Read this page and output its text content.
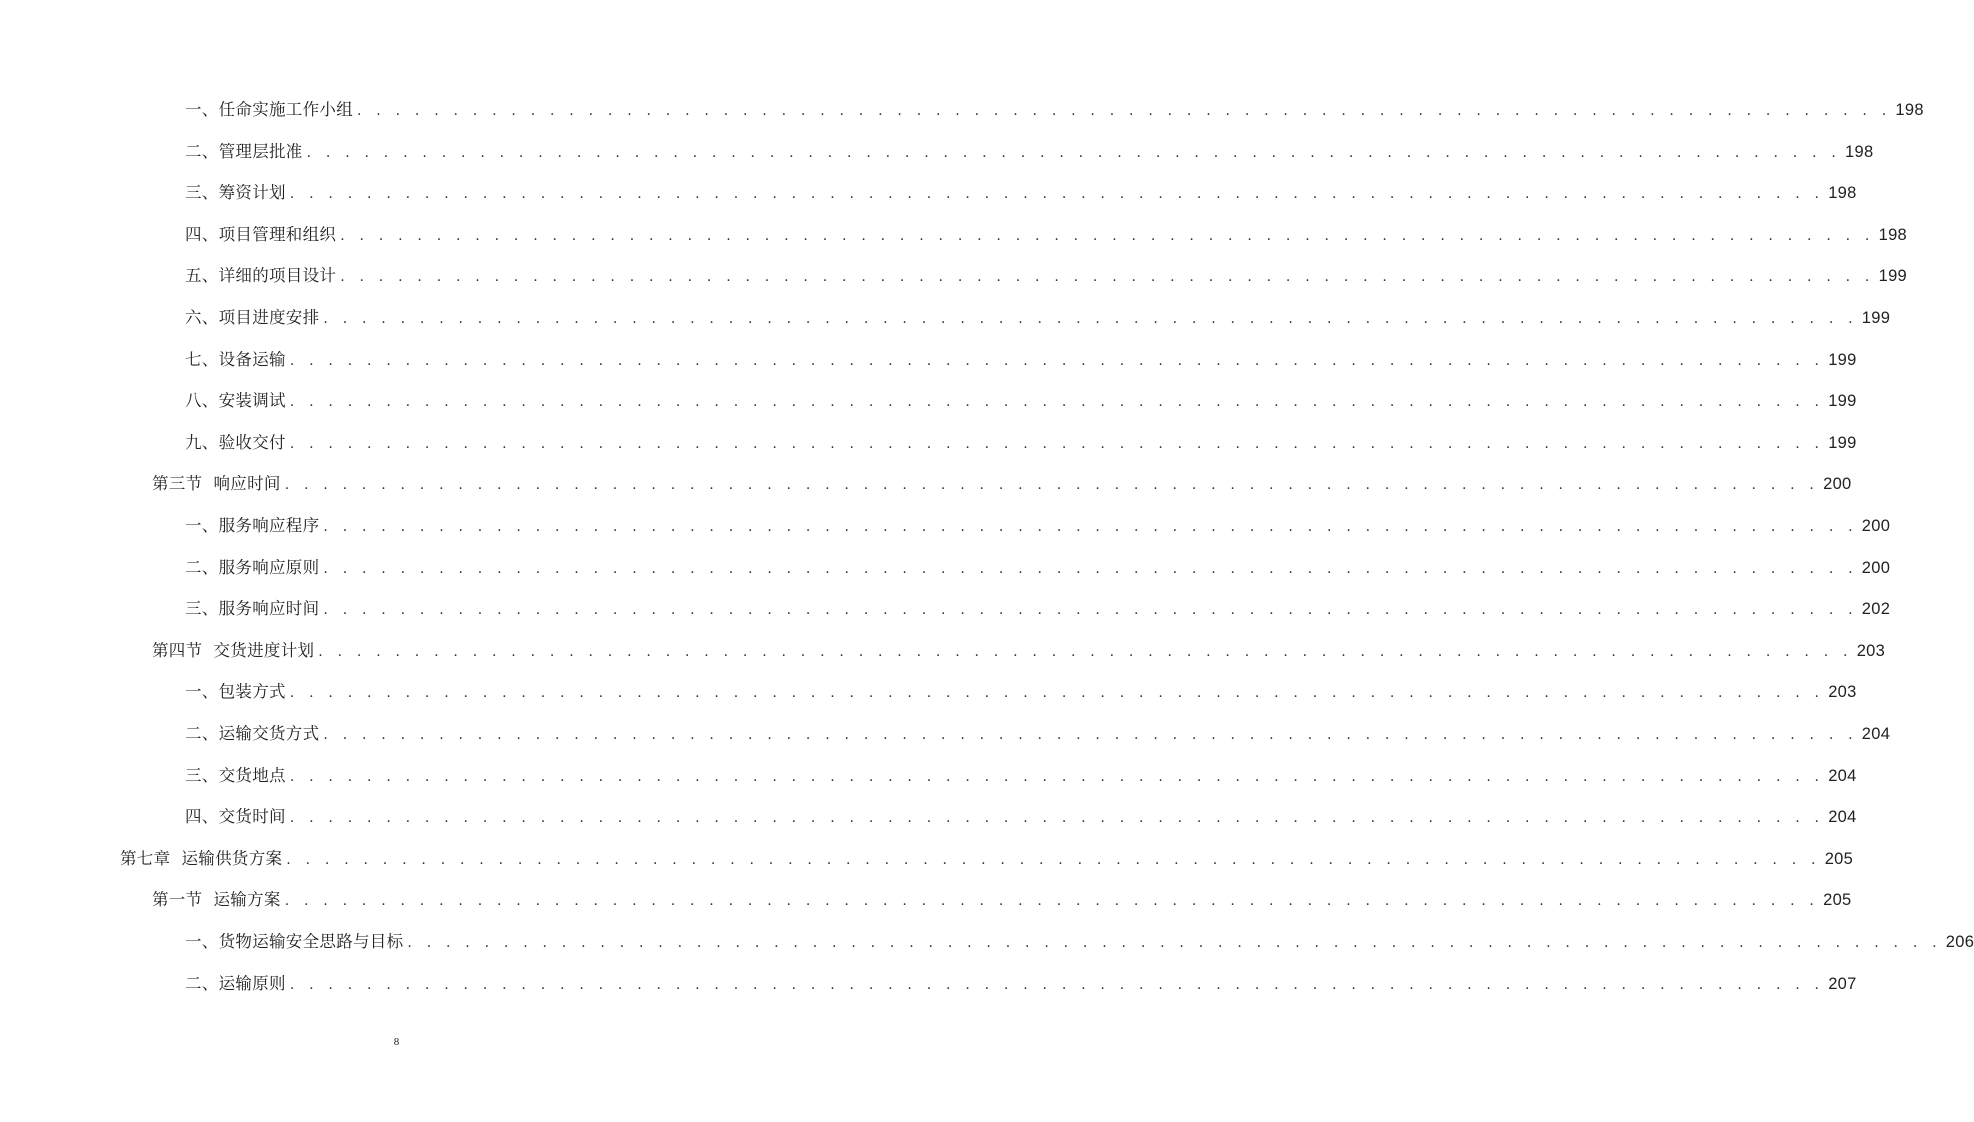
一、任命实施工作小组 . . . . . . . . . . . . . . . . . . . . . . . . . . . . . . . . . . . . . . . . . . . . . . . . . . . . . . . . . . . . . . . . . . . . . . . . . . . . . . . . 198
二、管理层批准 . . . . . . . . . . . . . . . . . . . . . . . . . . . . . . . . . . . . . . . . . . . . . . . . . . . . . . . . . . . . . . . . . . . . . . . . . . . . . . . . 198
三、筹资计划 . . . . . . . . . . . . . . . . . . . . . . . . . . . . . . . . . . . . . . . . . . . . . . . . . . . . . . . . . . . . . . . . . . . . . . . . . . . . . . . . 198
四、项目管理和组织 . . . . . . . . . . . . . . . . . . . . . . . . . . . . . . . . . . . . . . . . . . . . . . . . . . . . . . . . . . . . . . . . . . . . . . . . . . . . . . . . 198
五、详细的项目设计 . . . . . . . . . . . . . . . . . . . . . . . . . . . . . . . . . . . . . . . . . . . . . . . . . . . . . . . . . . . . . . . . . . . . . . . . . . . . . . . . 199
六、项目进度安排 . . . . . . . . . . . . . . . . . . . . . . . . . . . . . . . . . . . . . . . . . . . . . . . . . . . . . . . . . . . . . . . . . . . . . . . . . . . . . . . . 199
七、设备运输 . . . . . . . . . . . . . . . . . . . . . . . . . . . . . . . . . . . . . . . . . . . . . . . . . . . . . . . . . . . . . . . . . . . . . . . . . . . . . . . . 199
八、安装调试 . . . . . . . . . . . . . . . . . . . . . . . . . . . . . . . . . . . . . . . . . . . . . . . . . . . . . . . . . . . . . . . . . . . . . . . . . . . . . . . . 199
九、验收交付 . . . . . . . . . . . . . . . . . . . . . . . . . . . . . . . . . . . . . . . . . . . . . . . . . . . . . . . . . . . . . . . . . . . . . . . . . . . . . . . . 199
第三节  响应时间 . . . . . . . . . . . . . . . . . . . . . . . . . . . . . . . . . . . . . . . . . . . . . . . . . . . . . . . . . . . . . . . . . . . . . . . . . . . . . . . . 200
一、服务响应程序 . . . . . . . . . . . . . . . . . . . . . . . . . . . . . . . . . . . . . . . . . . . . . . . . . . . . . . . . . . . . . . . . . . . . . . . . . . . . . . . . 200
二、服务响应原则 . . . . . . . . . . . . . . . . . . . . . . . . . . . . . . . . . . . . . . . . . . . . . . . . . . . . . . . . . . . . . . . . . . . . . . . . . . . . . . . . 200
三、服务响应时间 . . . . . . . . . . . . . . . . . . . . . . . . . . . . . . . . . . . . . . . . . . . . . . . . . . . . . . . . . . . . . . . . . . . . . . . . . . . . . . . . 202
第四节  交货进度计划 . . . . . . . . . . . . . . . . . . . . . . . . . . . . . . . . . . . . . . . . . . . . . . . . . . . . . . . . . . . . . . . . . . . . . . . . . . . . . . . . 203
一、包装方式 . . . . . . . . . . . . . . . . . . . . . . . . . . . . . . . . . . . . . . . . . . . . . . . . . . . . . . . . . . . . . . . . . . . . . . . . . . . . . . . . 203
二、运输交货方式 . . . . . . . . . . . . . . . . . . . . . . . . . . . . . . . . . . . . . . . . . . . . . . . . . . . . . . . . . . . . . . . . . . . . . . . . . . . . . . . . 204
三、交货地点 . . . . . . . . . . . . . . . . . . . . . . . . . . . . . . . . . . . . . . . . . . . . . . . . . . . . . . . . . . . . . . . . . . . . . . . . . . . . . . . . 204
四、交货时间 . . . . . . . . . . . . . . . . . . . . . . . . . . . . . . . . . . . . . . . . . . . . . . . . . . . . . . . . . . . . . . . . . . . . . . . . . . . . . . . . 204
第七章  运输供货方案 . . . . . . . . . . . . . . . . . . . . . . . . . . . . . . . . . . . . . . . . . . . . . . . . . . . . . . . . . . . . . . . . . . . . . . . . . . . . . . . . 205
第一节  运输方案 . . . . . . . . . . . . . . . . . . . . . . . . . . . . . . . . . . . . . . . . . . . . . . . . . . . . . . . . . . . . . . . . . . . . . . . . . . . . . . . . 205
一、货物运输安全思路与目标 . . . . . . . . . . . . . . . . . . . . . . . . . . . . . . . . . . . . . . . . . . . . . . . . . . . . . . . . . . . . . . . . . . . . . . . . . . . . . . . . 206
二、运输原则 . . . . . . . . . . . . . . . . . . . . . . . . . . . . . . . . . . . . . . . . . . . . . . . . . . . . . . . . . . . . . . . . . . . . . . . . . . . . . . . . 207
8
